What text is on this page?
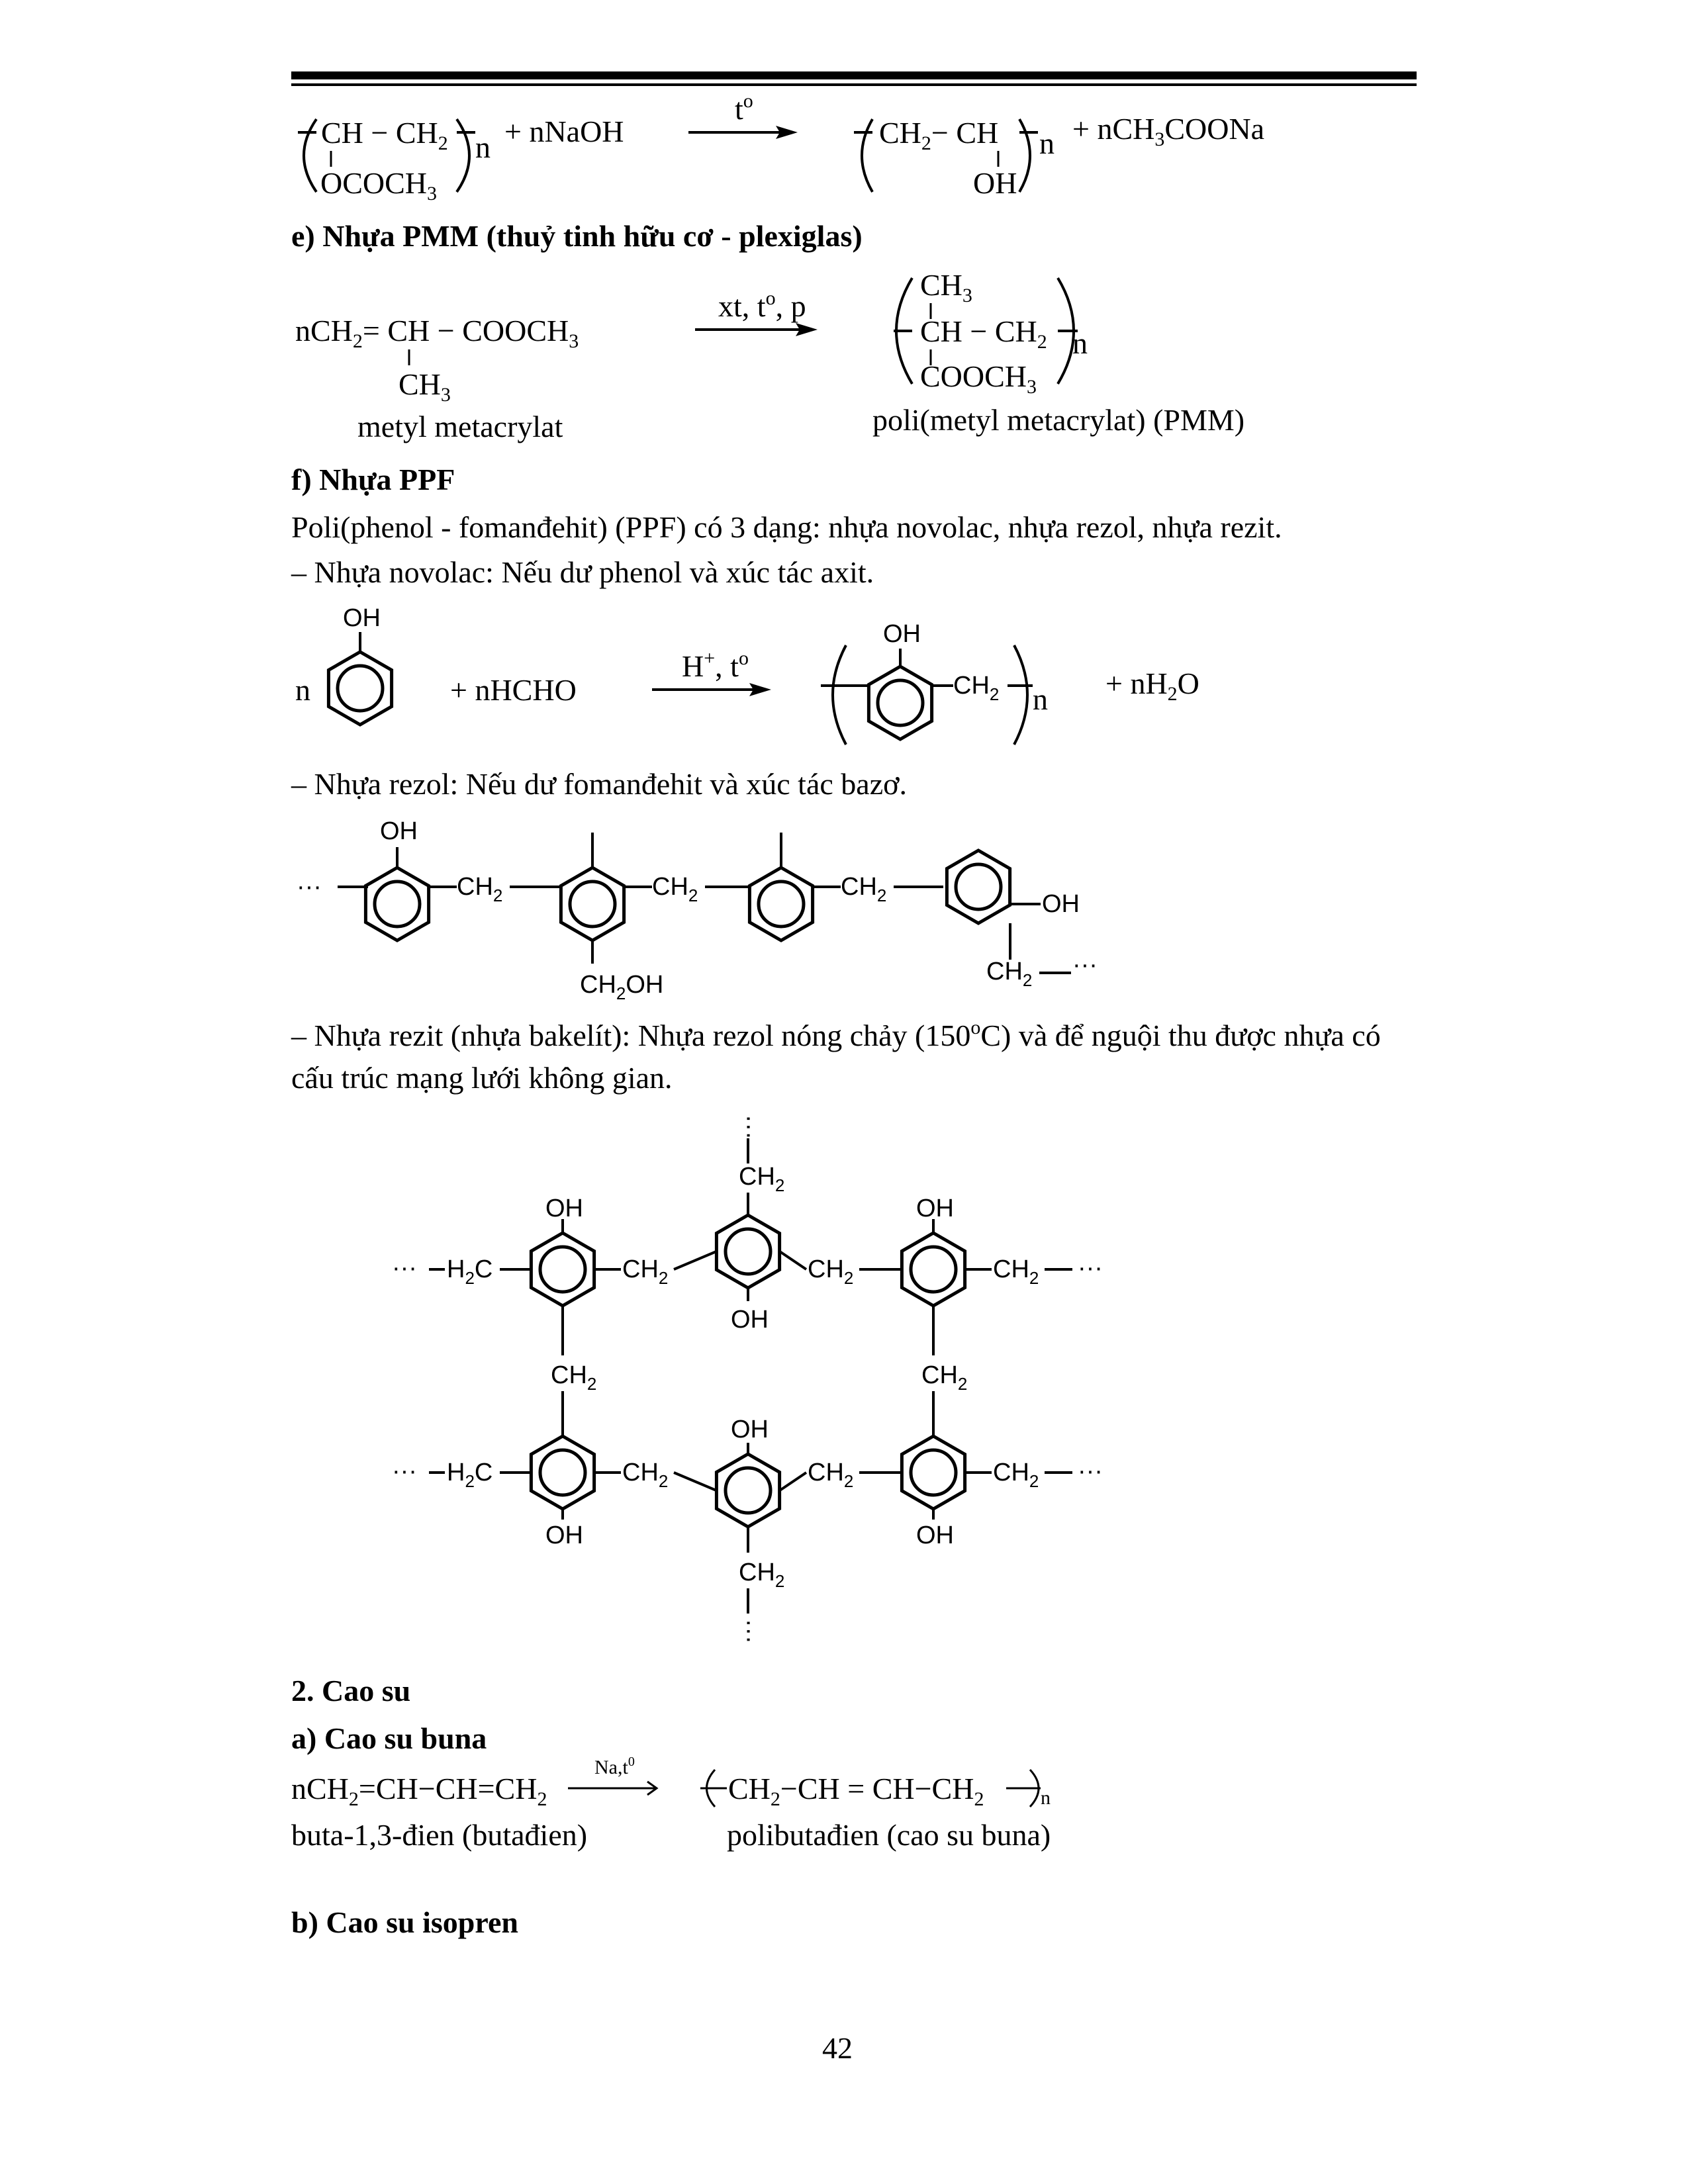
CH − $CH_2$ n
$OCOCH_3$
+ nNaOH
$t^o$
$CH_2-$ CH n
OH
+ nCH$_3$COONa
e) Nhựa PMM (thuỷ tinh hữu cơ - plexiglas)
nCH$_2$= CH − $COOCH_3$
$CH_3$
metyl metacrylat
xt, $t^o$, p
$CH_3$
CH − $CH_2$ n
$COOCH_3$
poli(metyl metacrylat) (PMM)
f) Nhựa PPF
Poli(phenol - fomanđehit) (PPF) có 3 dạng: nhựa novolac, nhựa rezol, nhựa rezit.
– Nhựa novolac: Nếu dư phenol và xúc tác axit.
OH
n	+ nHCHO
H+, $t^o$
OH
$CH_2$ $n + nH_2O$
– Nhựa rezol: Nếu dư fomanđehit và xúc tác bazơ.
···
OH
$CH_2$
$CH_2OH$
$CH_2$	$CH_2$	OH
$CH_2$
···
– Nhựa rezit (nhựa bakelít): Nhựa rezol nóng chảy (150$^o$C) và để nguội thu được nhựa có
cấu trúc mạng lưới không gian.
···
$CH_2$
··· $H_2C$
OH
$CH_2$
OH
$CH_2$
OH
$CH_2$ ···
$CH_2$	$CH_2$
··· $H_2C$
OH
$CH_2$
OH
$CH_2$
OH
$CH_2$ ···
$CH_2$
···
2. Cao su
a) Cao su buna
$nCH_2=CH-CH=CH_2$
$Na,t^0$
$CH_2-CH = CH-CH_2$	n
buta-1,3-đien (butađien)	polibutađien (cao su buna)
b) Cao su isopren
42
